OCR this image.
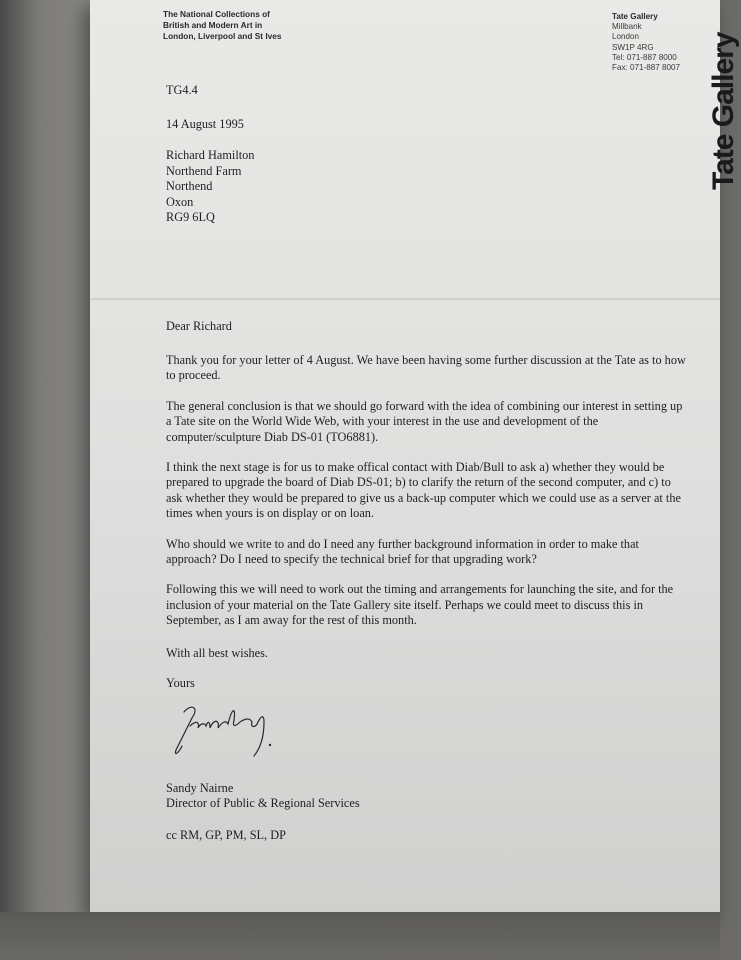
The National Collections of
British and Modern Art in
London, Liverpool and St Ives
Tate Gallery
Millbank
London
SW1P 4RG
Tel: 071-887 8000
Fax: 071-887 8007 Tate Gallery
TG4.4
14 August 1995
Richard Hamilton
Northend Farm
Northend
Oxon
RG9 6LQ
Dear Richard

Thank you for your letter of 4 August. We have been having some further discussion at the Tate as to how to proceed.

The general conclusion is that we should go forward with the idea of combining our interest in setting up a Tate site on the World Wide Web, with your interest in the use and development of the computer/sculpture Diab DS-01 (TO6881).

I think the next stage is for us to make offical contact with Diab/Bull to ask a) whether they would be prepared to upgrade the board of Diab DS-01; b) to clarify the return of the second computer, and c) to ask whether they would be prepared to give us a back-up computer which we could use as a server at the times when yours is on display or on loan.

Who should we write to and do I need any further background information in order to make that approach? Do I need to specify the technical brief for that upgrading work?

Following this we will need to work out the timing and arrangements for launching the site, and for the inclusion of your material on the Tate Gallery site itself. Perhaps we could meet to discuss this in September, as I am away for the rest of this month.

With all best wishes.
Yours
Sandy Nairne
Director of Public & Regional Services
cc RM, GP, PM, SL, DP
